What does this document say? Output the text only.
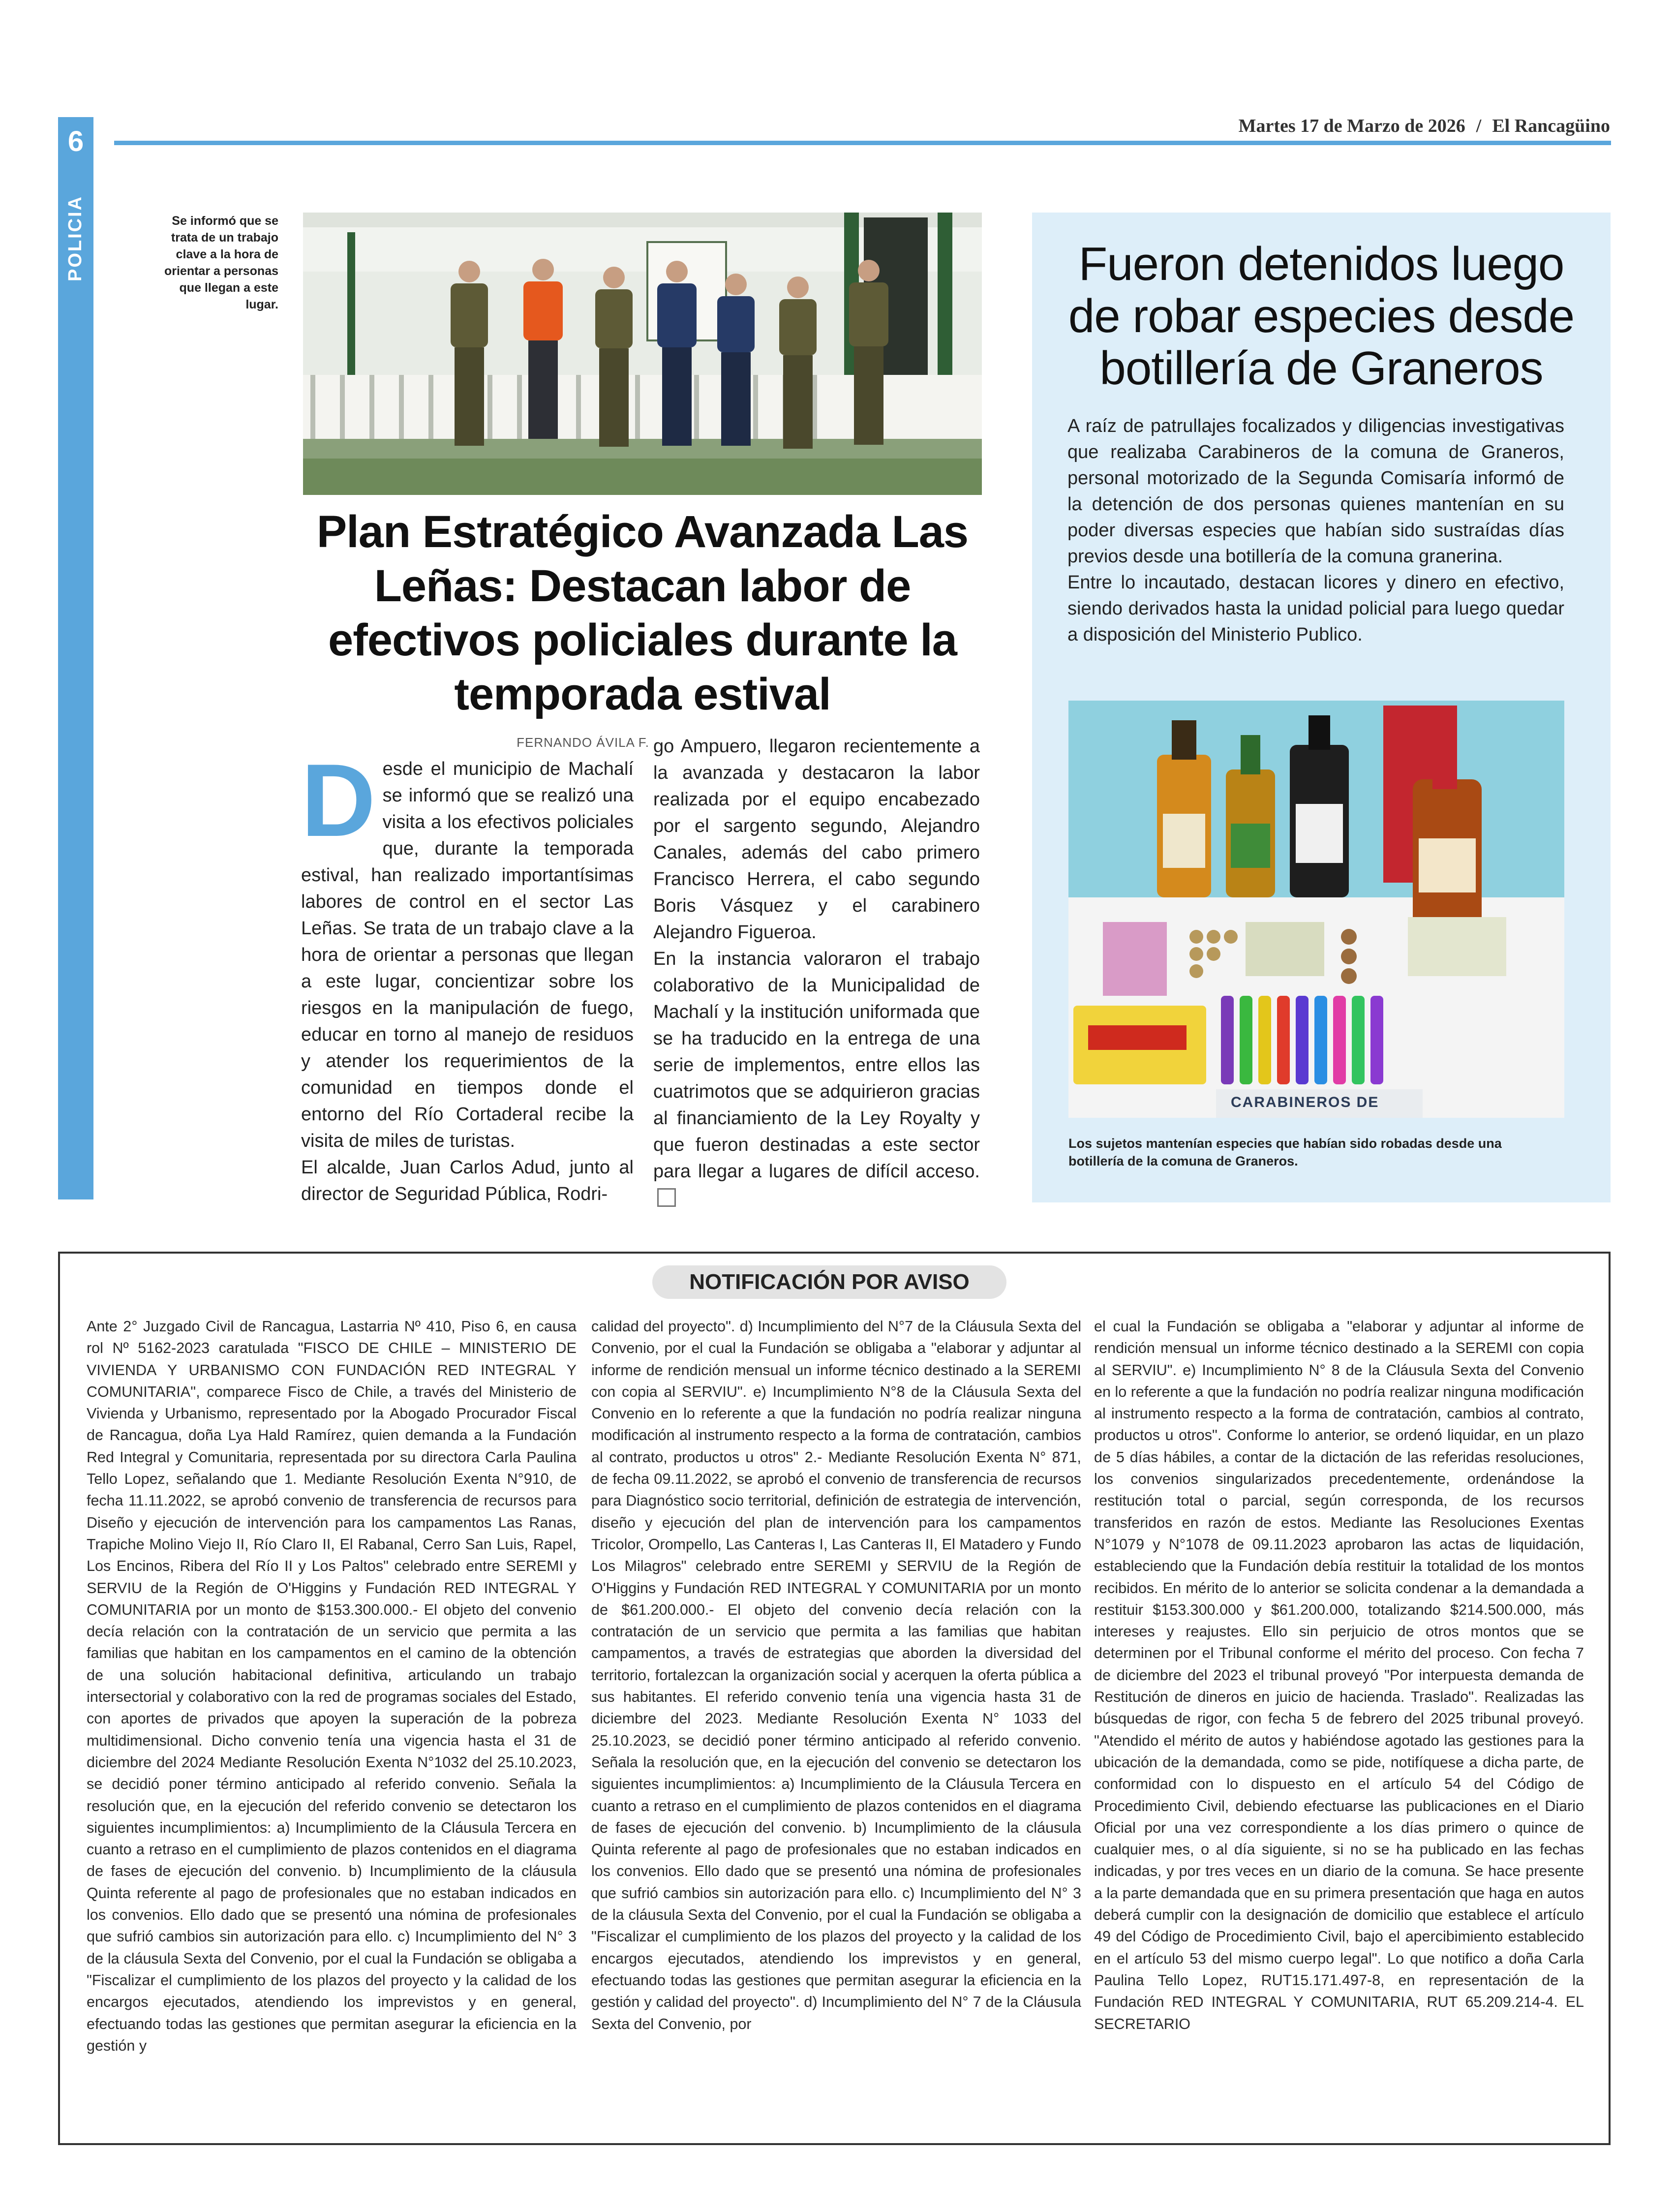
6
POLICIA
Martes 17 de Marzo de 2026 / El Rancagüino
Se informó que se trata de un trabajo clave a la hora de orientar a personas que llegan a este lugar.
Plan Estratégico Avanzada Las Leñas: Destacan labor de efectivos policiales durante la temporada estival
FERNANDO ÁVILA F.
Desde el municipio de Machalí se informó que se realizó una visita a los efectivos policiales que, durante la temporada estival, han realizado importantísimas labores de control en el sector Las Leñas. Se trata de un trabajo clave a la hora de orientar a personas que llegan a este lugar, concientizar sobre los riesgos en la manipulación de fuego, educar en torno al manejo de residuos y atender los requerimientos de la comunidad en tiempos donde el entorno del Río Cortaderal recibe la visita de miles de turistas.
El alcalde, Juan Carlos Adud, junto al director de Seguridad Pública, Rodri-
go Ampuero, llegaron recientemente a la avanzada y destacaron la labor realizada por el equipo encabezado por el sargento segundo, Alejandro Canales, además del cabo primero Francisco Herrera, el cabo segundo Boris Vásquez y el carabinero Alejandro Figueroa.
En la instancia valoraron el trabajo colaborativo de la Municipalidad de Machalí y la institución uniformada que se ha traducido en la entrega de una serie de implementos, entre ellos las cuatrimotos que se adquirieron gracias al financiamiento de la Ley Royalty y que fueron destinadas a este sector para llegar a lugares de difícil acceso.
Fueron detenidos luego de robar especies desde botillería de Graneros
A raíz de patrullajes focalizados y diligencias investigativas que realizaba Carabineros de la comuna de Graneros, personal motorizado de la Segunda Comisaría informó de la detención de dos personas quienes mantenían en su poder diversas especies que habían sido sustraídas días previos desde una botillería de la comuna granerina.
Entre lo incautado, destacan licores y dinero en efectivo, siendo derivados hasta la unidad policial para luego quedar a disposición del Ministerio Publico.
CARABINEROS DE
Los sujetos mantenían especies que habían sido robadas desde una botillería de la comuna de Graneros.
NOTIFICACIÓN POR AVISO
Ante 2° Juzgado Civil de Rancagua, Lastarria Nº 410, Piso 6, en causa rol Nº 5162-2023 caratulada "FISCO DE CHILE – MINISTERIO DE VIVIENDA Y URBANISMO CON FUNDACIÓN RED INTEGRAL Y COMUNITARIA", comparece Fisco de Chile, a través del Ministerio de Vivienda y Urbanismo, representado por la Abogado Procurador Fiscal de Rancagua, doña Lya Hald Ramírez, quien demanda a la Fundación Red Integral y Comunitaria, representada por su directora Carla Paulina Tello Lopez, señalando que 1. Mediante Resolución Exenta N°910, de fecha 11.11.2022, se aprobó convenio de transferencia de recursos para Diseño y ejecución de intervención para los campamentos Las Ranas, Trapiche Molino Viejo II, Río Claro II, El Rabanal, Cerro San Luis, Rapel, Los Encinos, Ribera del Río II y Los Paltos" celebrado entre SEREMI y SERVIU de la Región de O'Higgins y Fundación RED INTEGRAL Y COMUNITARIA por un monto de $153.300.000.- El objeto del convenio decía relación con la contratación de un servicio que permita a las familias que habitan en los campamentos en el camino de la obtención de una solución habitacional definitiva, articulando un trabajo intersectorial y colaborativo con la red de programas sociales del Estado, con aportes de privados que apoyen la superación de la pobreza multidimensional. Dicho convenio tenía una vigencia hasta el 31 de diciembre del 2024 Mediante Resolución Exenta N°1032 del 25.10.2023, se decidió poner término anticipado al referido convenio. Señala la resolución que, en la ejecución del referido convenio se detectaron los siguientes incumplimientos: a) Incumplimiento de la Cláusula Tercera en cuanto a retraso en el cumplimiento de plazos contenidos en el diagrama de fases de ejecución del convenio. b) Incumplimiento de la cláusula Quinta referente al pago de profesionales que no estaban indicados en los convenios. Ello dado que se presentó una nómina de profesionales que sufrió cambios sin autorización para ello. c) Incumplimiento del N° 3 de la cláusula Sexta del Convenio, por el cual la Fundación se obligaba a "Fiscalizar el cumplimiento de los plazos del proyecto y la calidad de los encargos ejecutados, atendiendo los imprevistos y en general, efectuando todas las gestiones que permitan asegurar la eficiencia en la gestión y
calidad del proyecto". d) Incumplimiento del N°7 de la Cláusula Sexta del Convenio, por el cual la Fundación se obligaba a "elaborar y adjuntar al informe de rendición mensual un informe técnico destinado a la SEREMI con copia al SERVIU". e) Incumplimiento N°8 de la Cláusula Sexta del Convenio en lo referente a que la fundación no podría realizar ninguna modificación al instrumento respecto a la forma de contratación, cambios al contrato, productos u otros" 2.- Mediante Resolución Exenta N° 871, de fecha 09.11.2022, se aprobó el convenio de transferencia de recursos para Diagnóstico socio territorial, definición de estrategia de intervención, diseño y ejecución del plan de intervención para los campamentos Tricolor, Orompello, Las Canteras I, Las Canteras II, El Matadero y Fundo Los Milagros" celebrado entre SEREMI y SERVIU de la Región de O'Higgins y Fundación RED INTEGRAL Y COMUNITARIA por un monto de $61.200.000.- El objeto del convenio decía relación con la contratación de un servicio que permita a las familias que habitan campamentos, a través de estrategias que aborden la diversidad del territorio, fortalezcan la organización social y acerquen la oferta pública a sus habitantes. El referido convenio tenía una vigencia hasta 31 de diciembre del 2023. Mediante Resolución Exenta N° 1033 del 25.10.2023, se decidió poner término anticipado al referido convenio. Señala la resolución que, en la ejecución del convenio se detectaron los siguientes incumplimientos: a) Incumplimiento de la Cláusula Tercera en cuanto a retraso en el cumplimiento de plazos contenidos en el diagrama de fases de ejecución del convenio. b) Incumplimiento de la cláusula Quinta referente al pago de profesionales que no estaban indicados en los convenios. Ello dado que se presentó una nómina de profesionales que sufrió cambios sin autorización para ello. c) Incumplimiento del N° 3 de la cláusula Sexta del Convenio, por el cual la Fundación se obligaba a "Fiscalizar el cumplimiento de los plazos del proyecto y la calidad de los encargos ejecutados, atendiendo los imprevistos y en general, efectuando todas las gestiones que permitan asegurar la eficiencia en la gestión y calidad del proyecto". d) Incumplimiento del N° 7 de la Cláusula Sexta del Convenio, por
el cual la Fundación se obligaba a "elaborar y adjuntar al informe de rendición mensual un informe técnico destinado a la SEREMI con copia al SERVIU". e) Incumplimiento N° 8 de la Cláusula Sexta del Convenio en lo referente a que la fundación no podría realizar ninguna modificación al instrumento respecto a la forma de contratación, cambios al contrato, productos u otros". Conforme lo anterior, se ordenó liquidar, en un plazo de 5 días hábiles, a contar de la dictación de las referidas resoluciones, los convenios singularizados precedentemente, ordenándose la restitución total o parcial, según corresponda, de los recursos transferidos en razón de estos. Mediante las Resoluciones Exentas N°1079 y N°1078 de 09.11.2023 aprobaron las actas de liquidación, estableciendo que la Fundación debía restituir la totalidad de los montos recibidos. En mérito de lo anterior se solicita condenar a la demandada a restituir $153.300.000 y $61.200.000, totalizando $214.500.000, más intereses y reajustes. Ello sin perjuicio de otros montos que se determinen por el Tribunal conforme el mérito del proceso. Con fecha 7 de diciembre del 2023 el tribunal proveyó "Por interpuesta demanda de Restitución de dineros en juicio de hacienda. Traslado". Realizadas las búsquedas de rigor, con fecha 5 de febrero del 2025 tribunal proveyó. "Atendido el mérito de autos y habiéndose agotado las gestiones para la ubicación de la demandada, como se pide, notifíquese a dicha parte, de conformidad con lo dispuesto en el artículo 54 del Código de Procedimiento Civil, debiendo efectuarse las publicaciones en el Diario Oficial por una vez correspondiente a los días primero o quince de cualquier mes, o al día siguiente, si no se ha publicado en las fechas indicadas, y por tres veces en un diario de la comuna. Se hace presente a la parte demandada que en su primera presentación que haga en autos deberá cumplir con la designación de domicilio que establece el artículo 49 del Código de Procedimiento Civil, bajo el apercibimiento establecido en el artículo 53 del mismo cuerpo legal". Lo que notifico a doña Carla Paulina Tello Lopez, RUT15.171.497-8, en representación de la Fundación RED INTEGRAL Y COMUNITARIA, RUT 65.209.214-4. EL SECRETARIO
